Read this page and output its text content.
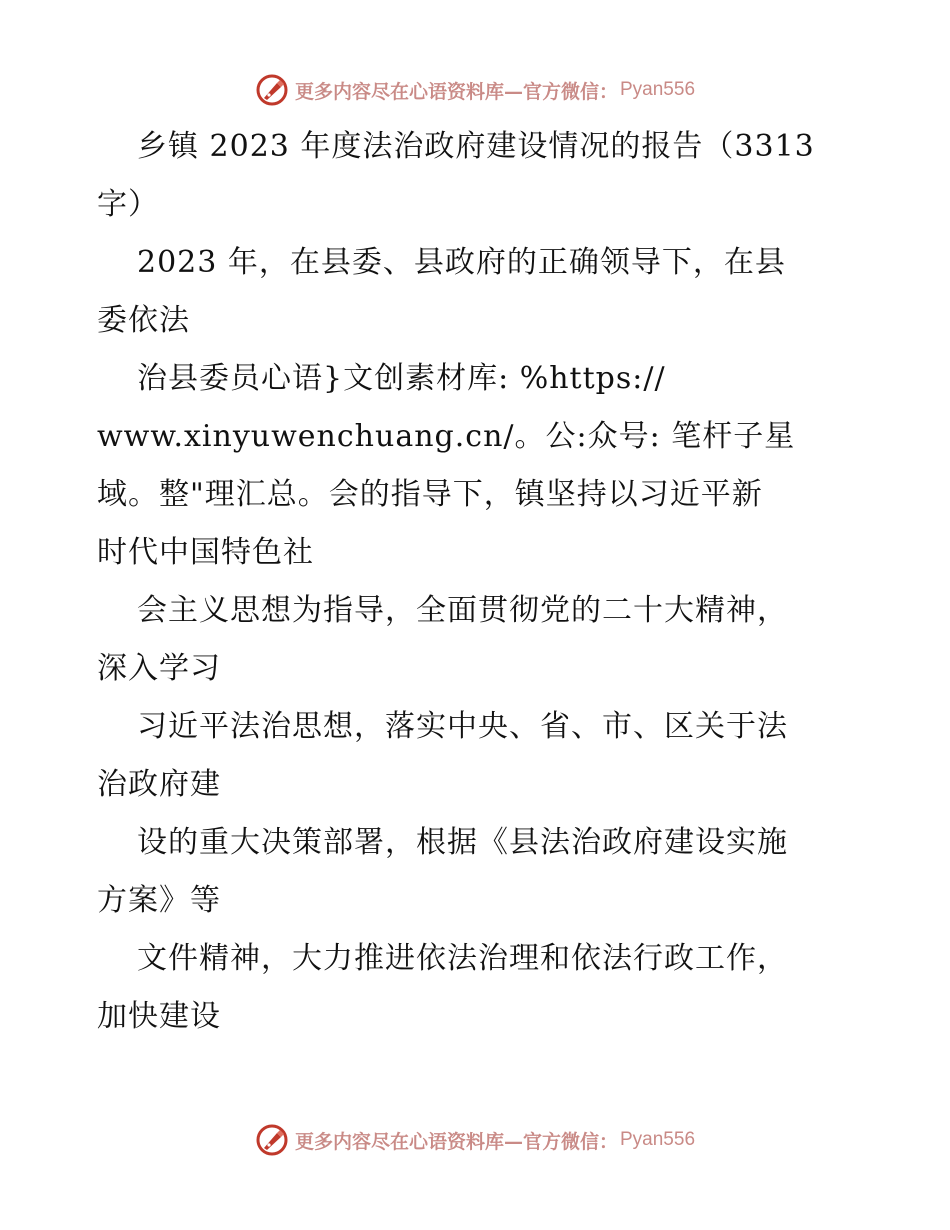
更多内容尽在心语资料库—官方微信： Pyan556
乡镇 2023 年度法治政府建设情况的报告（3313
字）
2023 年，在县委、县政府的正确领导下，在县
委依法
治县委员心语}文创素材库: %https://
www.xinyuwenchuang.cn/。公:众号: 笔杆子星
域。整"理汇总。会的指导下，镇坚持以习近平新
时代中国特色社
会主义思想为指导，全面贯彻党的二十大精神，
深入学习
习近平法治思想，落实中央、省、市、区关于法
治政府建
设的重大决策部署，根据《县法治政府建设实施
方案》等
文件精神，大力推进依法治理和依法行政工作，
加快建设
更多内容尽在心语资料库—官方微信： Pyan556
